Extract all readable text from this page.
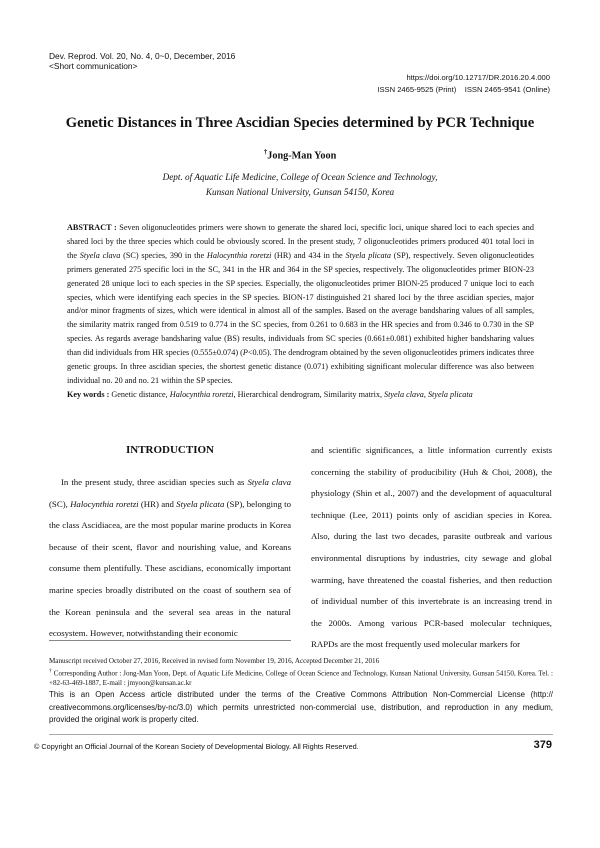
Dev. Reprod. Vol. 20, No. 4, 0~0, December, 2016
<Short communication>
https://doi.org/10.12717/DR.2016.20.4.000
ISSN 2465-9525 (Print)    ISSN 2465-9541 (Online)
Genetic Distances in Three Ascidian Species determined by PCR Technique
†Jong-Man Yoon
Dept. of Aquatic Life Medicine, College of Ocean Science and Technology,
Kunsan National University, Gunsan 54150, Korea

ABSTRACT : Seven oligonucleotides primers were shown to generate the shared loci, specific loci, unique shared loci to each species and shared loci by the three species which could be obviously scored. In the present study, 7 oligonucleotides primers produced 401 total loci in the Styela clava (SC) species, 390 in the Halocynthia roretzi (HR) and 434 in the Styela plicata (SP), respectively. Seven oligonucleotides primers generated 275 specific loci in the SC, 341 in the HR and 364 in the SP species, respectively. The oligonucleotides primer BION-23 generated 28 unique loci to each species in the SP species. Especially, the oligonucleotides primer BION-25 produced 7 unique loci to each species, which were identifying each species in the SP species. BION-17 distinguished 21 shared loci by the three ascidian species, major and/or minor fragments of sizes, which were identical in almost all of the samples. Based on the average bandsharing values of all samples, the similarity matrix ranged from 0.519 to 0.774 in the SC species, from 0.261 to 0.683 in the HR species and from 0.346 to 0.730 in the SP species. As regards average bandsharing value (BS) results, individuals from SC species (0.661±0.081) exhibited higher bandsharing values than did individuals from HR species (0.555±0.074) (P<0.05). The dendrogram obtained by the seven oligonucleotides primers indicates three genetic groups. In three ascidian species, the shortest genetic distance (0.071) exhibiting significant molecular difference was also between individual no. 20 and no. 21 within the SP species.

Key words : Genetic distance, Halocynthia roretzi, Hierarchical dendrogram, Similarity matrix, Styela clava, Styela plicata

INTRODUCTION

In the present study, three ascidian species such as Styela clava (SC), Halocynthia roretzi (HR) and Styela plicata (SP), belonging to the class Ascidiacea, are the most popular marine products in Korea because of their scent, flavor and nourishing value, and Koreans consume them plentifully. These ascidians, economically important marine species broadly distributed on the coast of southern sea of the Korean peninsula and the several sea areas in the natural ecosystem. However, notwithstanding their economic

and scientific significances, a little information currently exists concerning the stability of producibility (Huh & Choi, 2008), the physiology (Shin et al., 2007) and the development of aquacultural technique (Lee, 2011) points only of ascidian species in Korea. Also, during the last two decades, parasite outbreak and various environmental disruptions by industries, city sewage and global warming, have threatened the coastal fisheries, and then reduction of individual number of this invertebrate is an increasing trend in the 2000s. Among various PCR-based molecular techniques, RAPDs are the most frequently used molecular markers for

Manuscript received October 27, 2016, Received in revised form November 19, 2016, Accepted December 21, 2016

† Corresponding Author : Jong-Man Yoon, Dept. of Aquatic Life Medicine, College of Ocean Science and Technology, Kunsan National University, Gunsan 54150, Korea. Tel. : +82-63-469-1887, E-mail : jmyoon@kunsan.ac.kr

This is an Open Access article distributed under the terms of the Creative Commons Attribution Non-Commercial License (http:// creativecommons.org/licenses/by-nc/3.0) which permits unrestricted non-commercial use, distribution, and reproduction in any medium, provided the original work is properly cited.
© Copyright an Official Journal of the Korean Society of Developmental Biology. All Rights Reserved.	379
